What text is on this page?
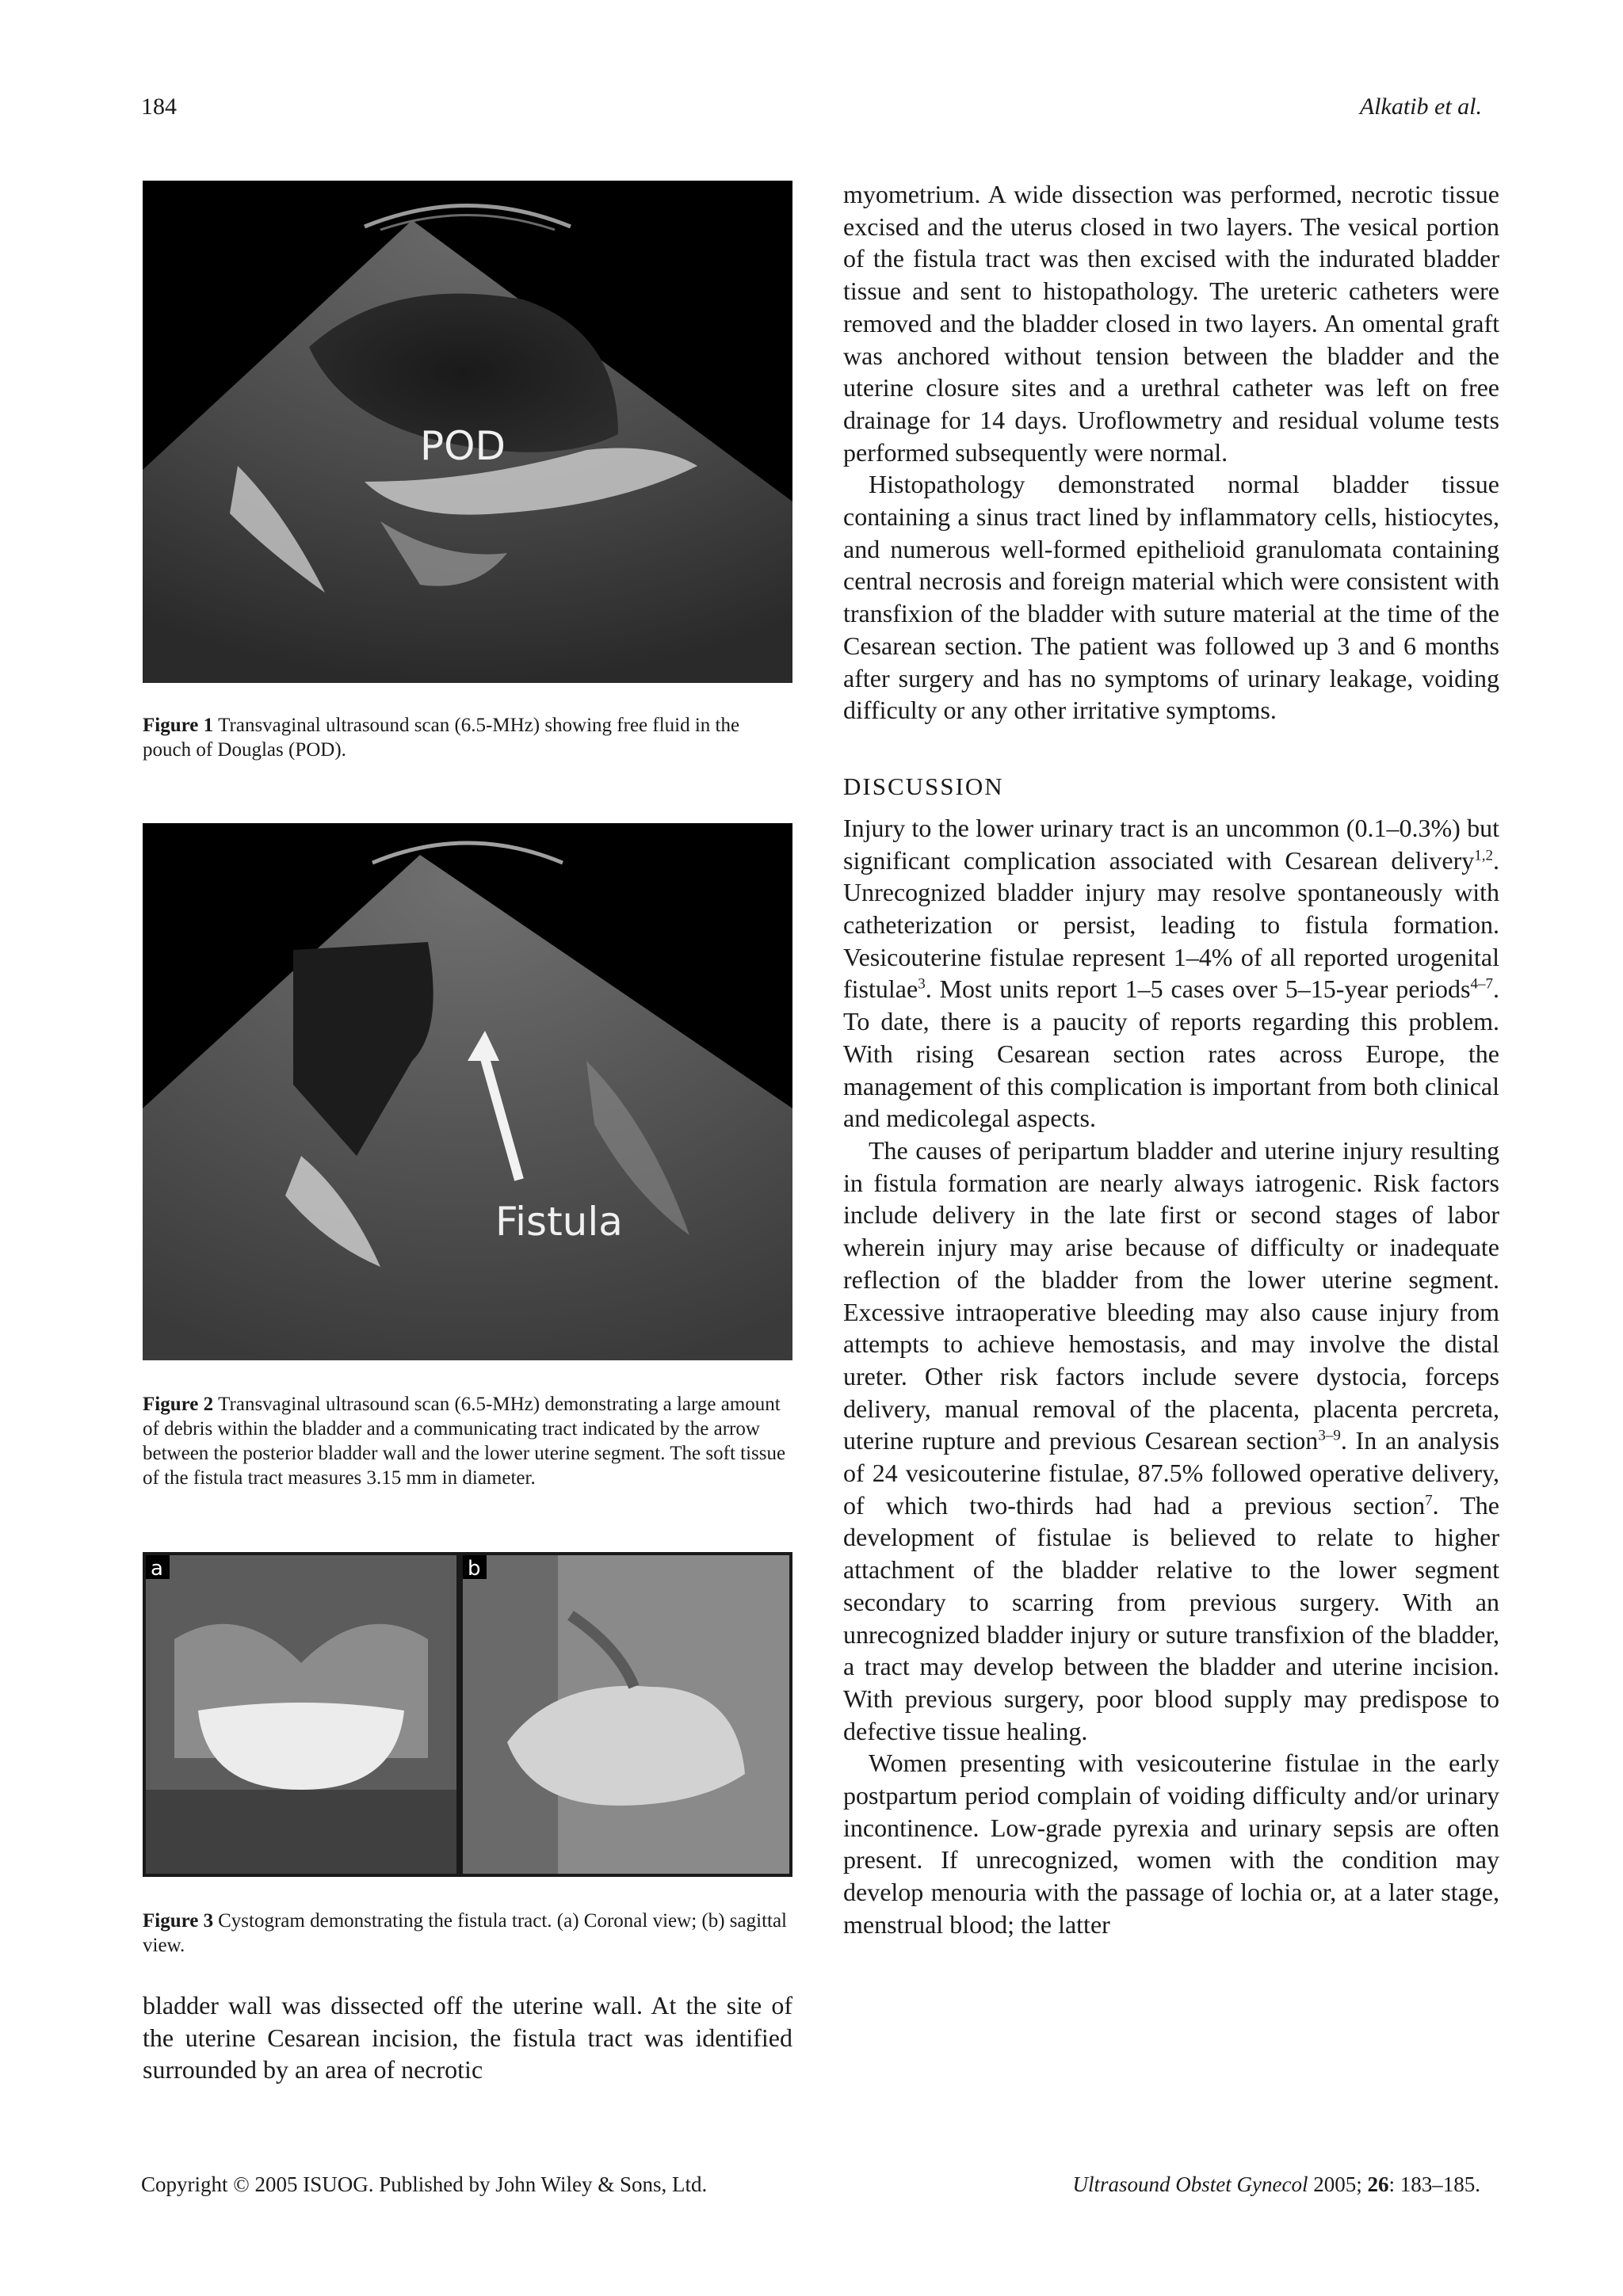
184	Alkatib et al.
POD

Figure 1 Transvaginal ultrasound scan (6.5-MHz) showing free fluid in the pouch of Douglas (POD).

Fistula

Figure 2 Transvaginal ultrasound scan (6.5-MHz) demonstrating a large amount of debris within the bladder and a communicating tract indicated by the arrow between the posterior bladder wall and the lower uterine segment. The soft tissue of the fistula tract measures 3.15 mm in diameter.

a	b

Figure 3 Cystogram demonstrating the fistula tract. (a) Coronal view; (b) sagittal view.

bladder wall was dissected off the uterine wall. At the site of the uterine Cesarean incision, the fistula tract was identified surrounded by an area of necrotic

myometrium. A wide dissection was performed, necrotic tissue excised and the uterus closed in two layers. The vesical portion of the fistula tract was then excised with the indurated bladder tissue and sent to histopathology. The ureteric catheters were removed and the bladder closed in two layers. An omental graft was anchored without tension between the bladder and the uterine closure sites and a urethral catheter was left on free drainage for 14 days. Uroflowmetry and residual volume tests performed subsequently were normal.

Histopathology demonstrated normal bladder tissue containing a sinus tract lined by inflammatory cells, histiocytes, and numerous well-formed epithelioid granulomata containing central necrosis and foreign material which were consistent with transfixion of the bladder with suture material at the time of the Cesarean section. The patient was followed up 3 and 6 months after surgery and has no symptoms of urinary leakage, voiding difficulty or any other irritative symptoms.

DISCUSSION

Injury to the lower urinary tract is an uncommon (0.1–0.3%) but significant complication associated with Cesarean delivery$^{1,2}$. Unrecognized bladder injury may resolve spontaneously with catheterization or persist, leading to fistula formation. Vesicouterine fistulae represent 1–4% of all reported urogenital fistulae$^3$. Most units report 1–5 cases over 5–15-year periods$^{4-7}$. To date, there is a paucity of reports regarding this problem. With rising Cesarean section rates across Europe, the management of this complication is important from both clinical and medicolegal aspects.

The causes of peripartum bladder and uterine injury resulting in fistula formation are nearly always iatrogenic. Risk factors include delivery in the late first or second stages of labor wherein injury may arise because of difficulty or inadequate reflection of the bladder from the lower uterine segment. Excessive intraoperative bleeding may also cause injury from attempts to achieve hemostasis, and may involve the distal ureter. Other risk factors include severe dystocia, forceps delivery, manual removal of the placenta, placenta percreta, uterine rupture and previous Cesarean section$^{3-9}$. In an analysis of 24 vesicouterine fistulae, 87.5% followed operative delivery, of which two-thirds had had a previous section$^7$. The development of fistulae is believed to relate to higher attachment of the bladder relative to the lower segment secondary to scarring from previous surgery. With an unrecognized bladder injury or suture transfixion of the bladder, a tract may develop between the bladder and uterine incision. With previous surgery, poor blood supply may predispose to defective tissue healing.

Women presenting with vesicouterine fistulae in the early postpartum period complain of voiding difficulty and/or urinary incontinence. Low-grade pyrexia and urinary sepsis are often present. If unrecognized, women with the condition may develop menouria with the passage of lochia or, at a later stage, menstrual blood; the latter

Copyright © 2005 ISUOG. Published by John Wiley & Sons, Ltd.	Ultrasound Obstet Gynecol 2005; 26: 183–185.
